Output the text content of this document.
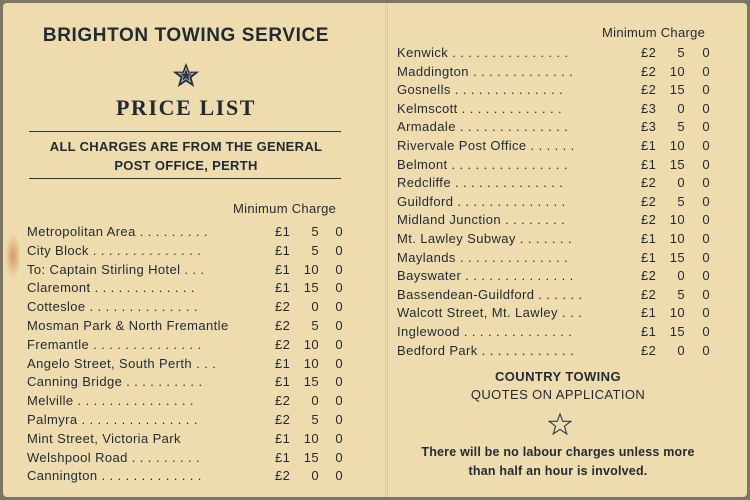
BRIGHTON TOWING SERVICE
PRICE LIST
ALL CHARGES ARE FROM THE GENERAL
POST OFFICE, PERTH
Minimum Charge
Metropolitan Area . . . . . . . . .	£1	5	0
City Block . . . . . . . . . . . . . .	£1	5	0
To: Captain Stirling Hotel . . .	£1	10	0
Claremont . . . . . . . . . . . . .	£1	15	0
Cottesloe . . . . . . . . . . . . . .	£2	0	0
Mosman Park & North Fremantle	£2	5	0
Fremantle . . . . . . . . . . . . . .	£2	10	0
Angelo Street, South Perth . . .	£1	10	0
Canning Bridge . . . . . . . . . .	£1	15	0
Melville . . . . . . . . . . . . . . .	£2	0	0
Palmyra . . . . . . . . . . . . . . .	£2	5	0
Mint Street, Victoria Park	£1	10	0
Welshpool Road . . . . . . . . .	£1	15	0
Cannington . . . . . . . . . . . . .	£2	0	0
Minimum Charge
Kenwick . . . . . . . . . . . . . . .	£2	5	0
Maddington . . . . . . . . . . . . .	£2	10	0
Gosnells . . . . . . . . . . . . . .	£2	15	0
Kelmscott . . . . . . . . . . . . .	£3	0	0
Armadale . . . . . . . . . . . . . .	£3	5	0
Rivervale Post Office . . . . . .	£1	10	0
Belmont . . . . . . . . . . . . . . .	£1	15	0
Redcliffe . . . . . . . . . . . . . .	£2	0	0
Guildford . . . . . . . . . . . . . .	£2	5	0
Midland Junction . . . . . . . .	£2	10	0
Mt. Lawley Subway . . . . . . .	£1	10	0
Maylands . . . . . . . . . . . . . .	£1	15	0
Bayswater . . . . . . . . . . . . . .	£2	0	0
Bassendean-Guildford . . . . . .	£2	5	0
Walcott Street, Mt. Lawley . . .	£1	10	0
Inglewood . . . . . . . . . . . . . .	£1	15	0
Bedford Park . . . . . . . . . . . .	£2	0	0
COUNTRY TOWING
QUOTES ON APPLICATION
There will be no labour charges unless more
than half an hour is involved.
